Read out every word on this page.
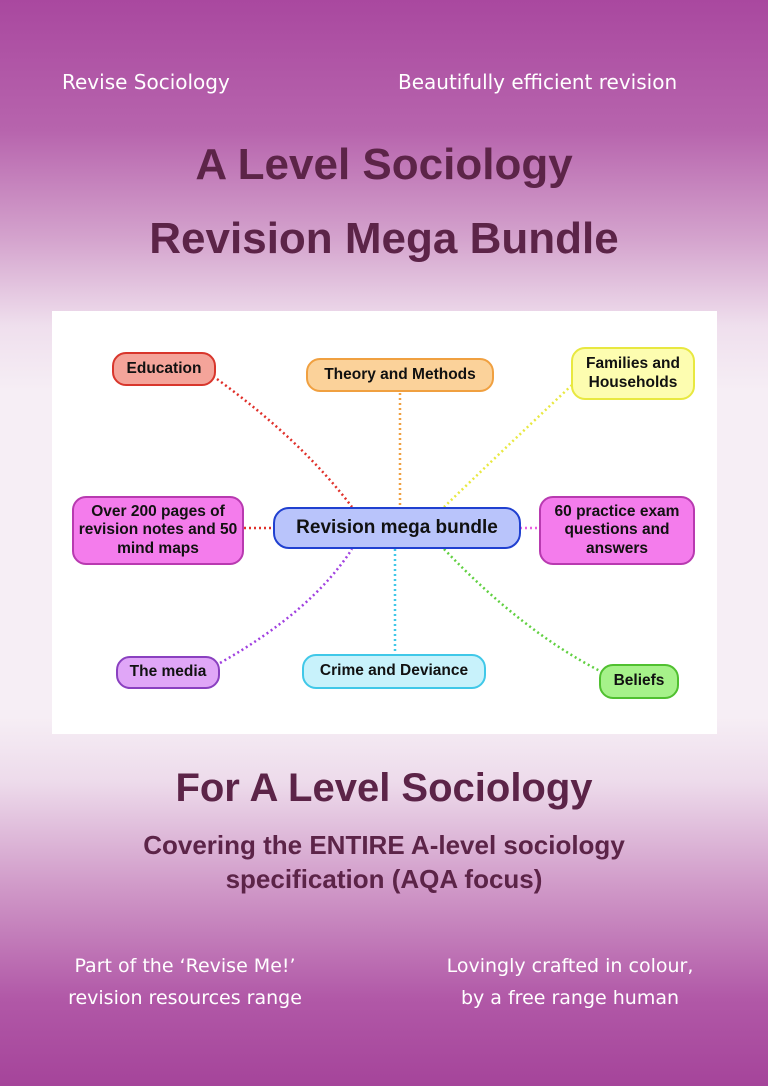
Revise Sociology	Beautifully efficient revision
A Level Sociology
Revision Mega Bundle
Education	Theory and Methods
Families and Households
Over 200 pages of revision notes and 50 mind maps
Revision mega bundle
60 practice exam questions and answers
The media	Crime and Deviance
Beliefs
For A Level Sociology
Covering the ENTIRE A-level sociology
specification (AQA focus)
Part of the ‘Revise Me!’
revision resources range
Lovingly crafted in colour,
by a free range human
